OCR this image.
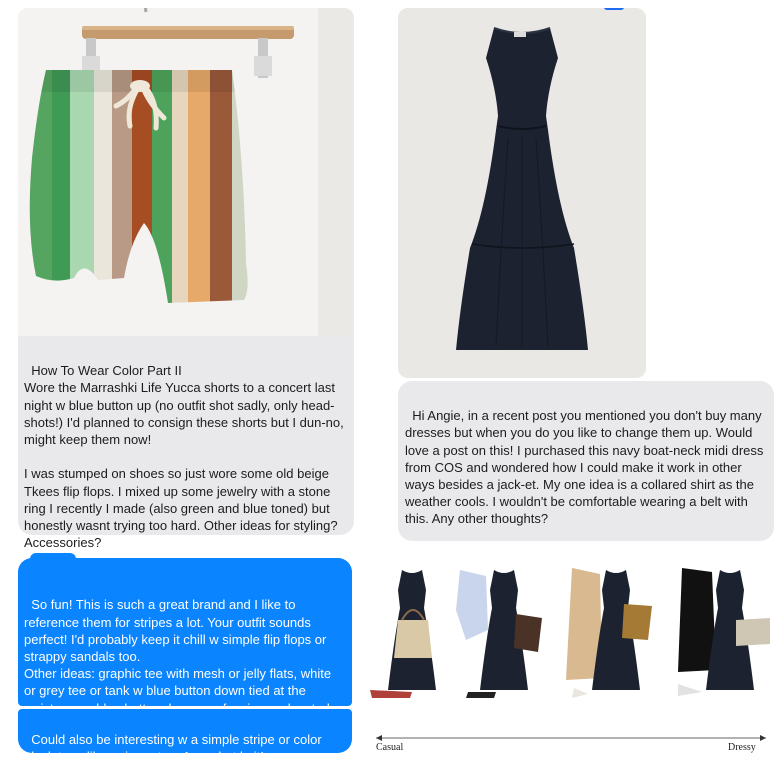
How To Wear Color Part II
Wore the Marrashki Life Yucca shorts to a concert last night w blue button up (no outfit shot sadly, only head-shots!) I'd planned to consign these shorts but I dun-no, might keep them now!

I was stumped on shoes so just wore some old beige Tkees flip flops. I mixed up some jewelry with a stone ring I recently I made (also green and blue toned) but honestly wasnt trying too hard. Other ideas for styling? Accessories?

So fun! This is such a great brand and I like to reference them for stripes a lot. Your outfit sounds perfect! I'd probably keep it chill w simple flip flops or strappy sandals too.
Other ideas: graphic tee with mesh or jelly flats, white or grey tee or tank w blue button down tied at the

Could also be interesting w a simple stripe or color block tee...like a ringer tee. A crochet knit!

Hi Angie, in a recent post you mentioned you don't buy many dresses but when you do you like to change them up. Would love a post on this! I purchased this navy boat-neck midi dress from COS and wondered how I could make it work in other ways besides a jack-et. My one idea is a collared shirt as the weather cools. I wouldn't be comfortable wearing a belt with this. Any other thoughts?

Casual	Dressy
